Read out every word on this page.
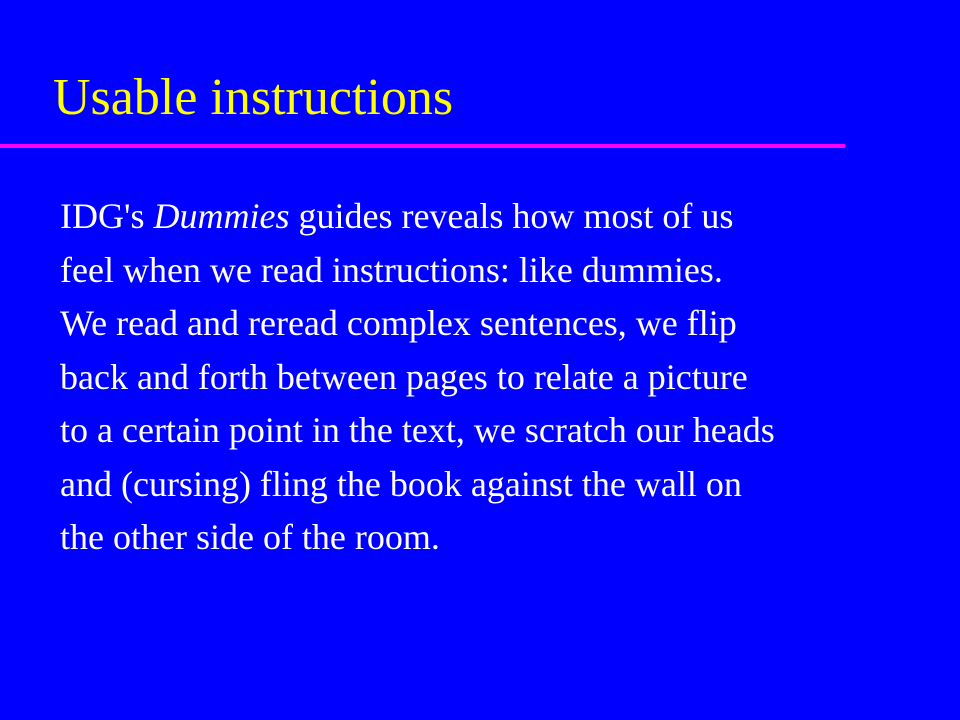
Usable instructions
IDG's Dummies guides reveals how most of us
feel when we read instructions: like dummies.
We read and reread complex sentences, we flip
back and forth between pages to relate a picture
to a certain point in the text, we scratch our heads
and (cursing) fling the book against the wall on
the other side of the room.
